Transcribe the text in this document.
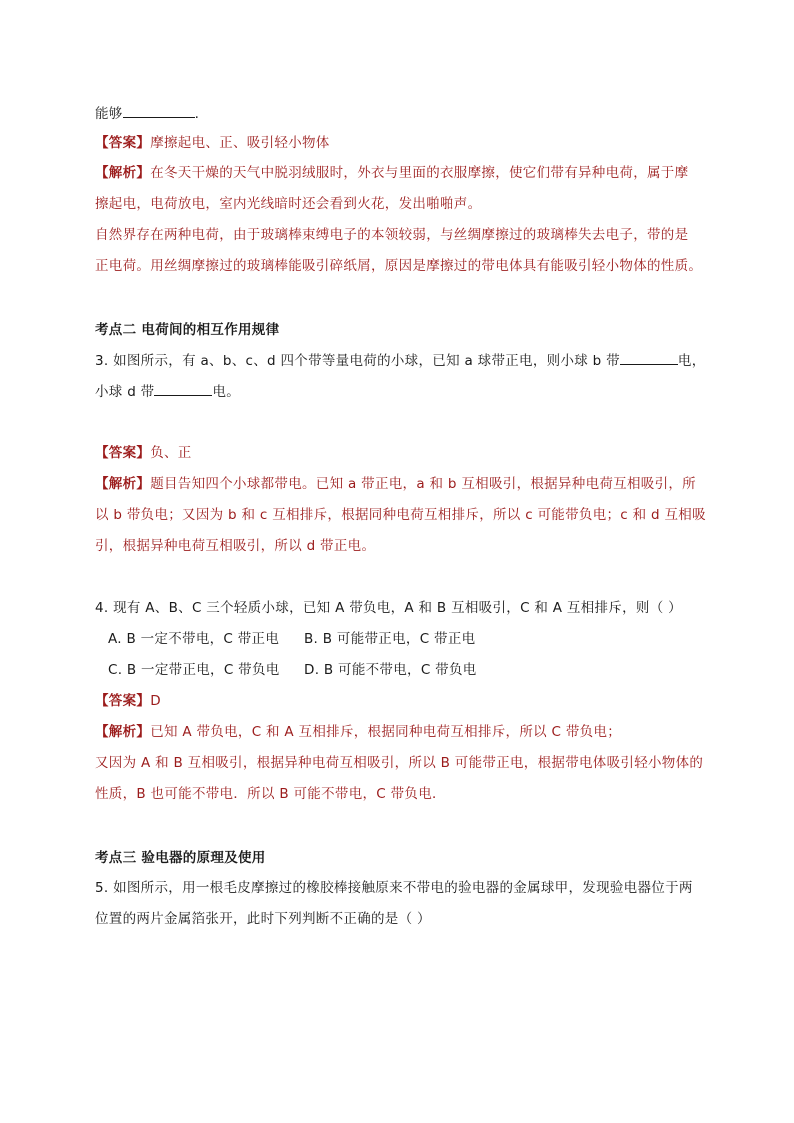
能够	.
【答案】摩擦起电、正、吸引轻小物体
【解析】在冬天干燥的天气中脱羽绒服时，外衣与里面的衣服摩擦，使它们带有异种电荷，属于摩
擦起电，电荷放电，室内光线暗时还会看到火花，发出啪啪声。
自然界存在两种电荷，由于玻璃棒束缚电子的本领较弱，与丝绸摩擦过的玻璃棒失去电子，带的是
正电荷。用丝绸摩擦过的玻璃棒能吸引碎纸屑，原因是摩擦过的带电体具有能吸引轻小物体的性质。
考点二 电荷间的相互作用规律
3. 如图所示，有 a、b、c、d 四个带等量电荷的小球，已知 a 球带正电，则小球 b 带	电，
小球 d 带	电。
【答案】负、正
【解析】题目告知四个小球都带电。已知 a 带正电，a 和 b 互相吸引，根据异种电荷互相吸引，所
以 b 带负电；又因为 b 和 c 互相排斥，根据同种电荷互相排斥，所以 c 可能带负电；c 和 d 互相吸
引，根据异种电荷互相吸引，所以 d 带正电。
4. 现有 A、B、C 三个轻质小球，已知 A 带负电，A 和 B 互相吸引，C 和 A 互相排斥，则（ ）
A. B 一定不带电，C 带正电 B. B 可能带正电，C 带正电
C. B 一定带正电，C 带负电 D. B 可能不带电，C 带负电
【答案】D
【解析】已知 A 带负电，C 和 A 互相排斥，根据同种电荷互相排斥，所以 C 带负电；
又因为 A 和 B 互相吸引，根据异种电荷互相吸引，所以 B 可能带正电，根据带电体吸引轻小物体的
性质，B 也可能不带电．所以 B 可能不带电，C 带负电．
考点三 验电器的原理及使用
5. 如图所示，用一根毛皮摩擦过的橡胶棒接触原来不带电的验电器的金属球甲，发现验电器位于两
位置的两片金属箔张开，此时下列判断不正确的是（ ）
